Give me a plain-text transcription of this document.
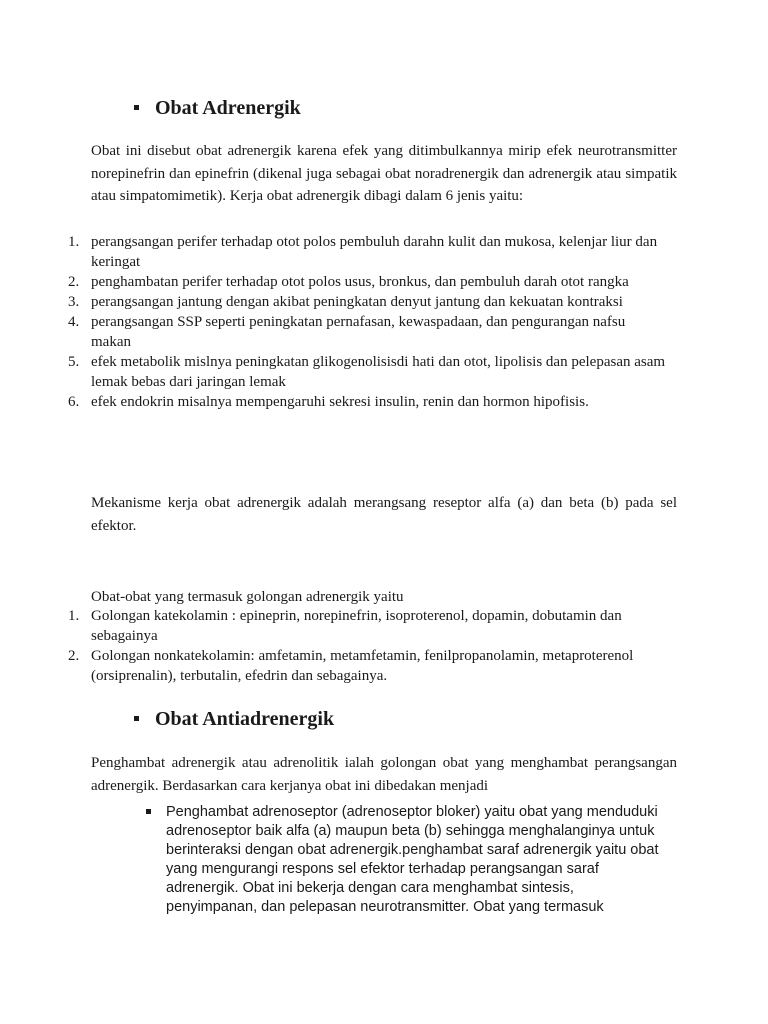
Obat Adrenergik

Obat ini disebut obat adrenergik karena efek yang ditimbulkannya mirip efek neurotransmitter norepinefrin dan epinefrin (dikenal juga sebagai obat noradrenergik dan adrenergik atau simpatik atau simpatomimetik). Kerja obat adrenergik dibagi dalam 6 jenis yaitu:

1. perangsangan perifer terhadap otot polos pembuluh darahn kulit dan mukosa, kelenjar liur dan keringat
2. penghambatan perifer terhadap otot polos usus, bronkus, dan pembuluh darah otot rangka
3. perangsangan jantung dengan akibat peningkatan denyut jantung dan kekuatan kontraksi
4. perangsangan SSP seperti peningkatan pernafasan, kewaspadaan, dan pengurangan nafsu makan
5. efek metabolik mislnya peningkatan glikogenolisisdi hati dan otot, lipolisis dan pelepasan asam lemak bebas dari jaringan lemak
6. efek endokrin misalnya mempengaruhi sekresi insulin, renin dan hormon hipofisis.

Mekanisme kerja obat adrenergik adalah merangsang reseptor alfa (a) dan beta (b) pada sel efektor.

Obat-obat yang termasuk golongan adrenergik yaitu
1. Golongan katekolamin : epineprin, norepinefrin, isoproterenol, dopamin, dobutamin dan sebagainya
2. Golongan nonkatekolamin: amfetamin, metamfetamin, fenilpropanolamin, metaproterenol (orsiprenalin), terbutalin, efedrin dan sebagainya.
Obat Antiadrenergik

Penghambat adrenergik atau adrenolitik ialah golongan obat yang menghambat perangsangan adrenergik. Berdasarkan cara kerjanya obat ini dibedakan menjadi

Penghambat adrenoseptor (adrenoseptor bloker) yaitu obat yang menduduki adrenoseptor baik alfa (a) maupun beta (b) sehingga menghalanginya untuk berinteraksi dengan obat adrenergik.penghambat saraf adrenergik yaitu obat yang mengurangi respons sel efektor terhadap perangsangan saraf adrenergik. Obat ini bekerja dengan cara menghambat sintesis, penyimpanan, dan pelepasan neurotransmitter. Obat yang termasuk
